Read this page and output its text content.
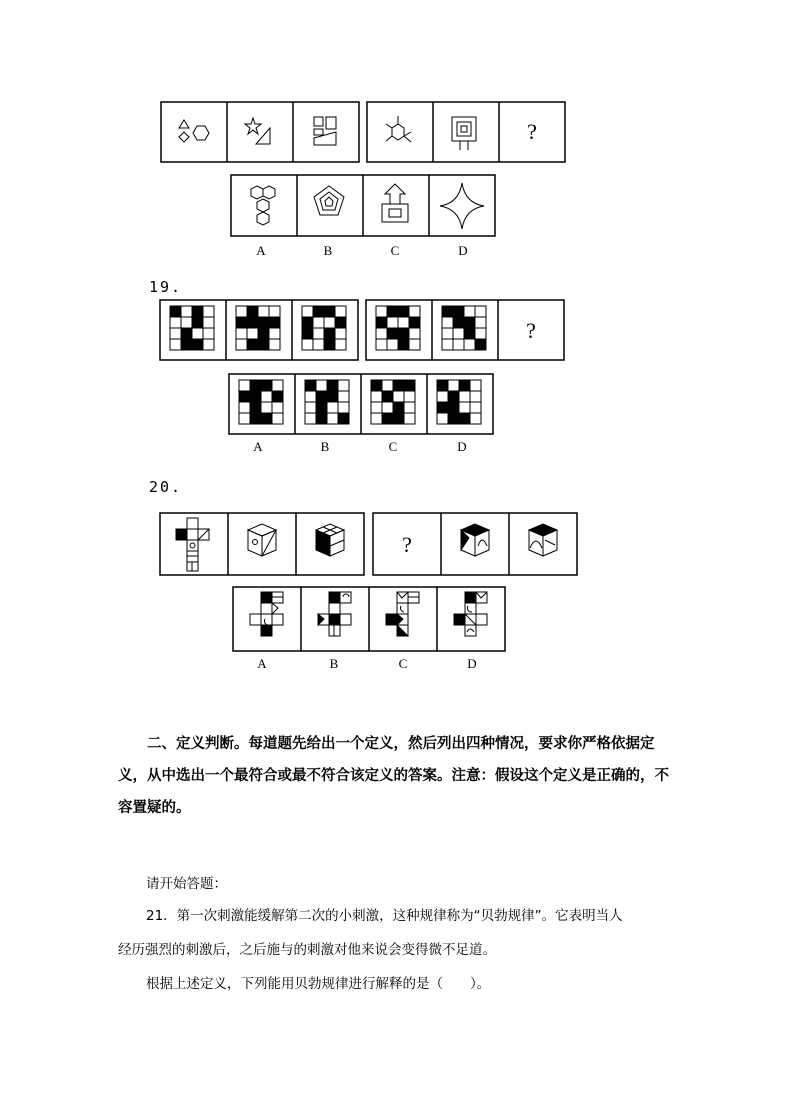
?
A	B	C	D
19.
?
A	B	C	D
20.
?
A	B	C	D
二、定义判断。每道题先给出一个定义，然后列出四种情况，要求你严格依据定义，从中选出一个最符合或最不符合该定义的答案。注意：假设这个定义是正确的，不容置疑的。
请开始答题：
21．第一次刺激能缓解第二次的小刺激，这种规律称为“贝勃规律”。它表明当人
经历强烈的刺激后，之后施与的刺激对他来说会变得微不足道。
根据上述定义，下列能用贝勃规律进行解释的是（　　）。
